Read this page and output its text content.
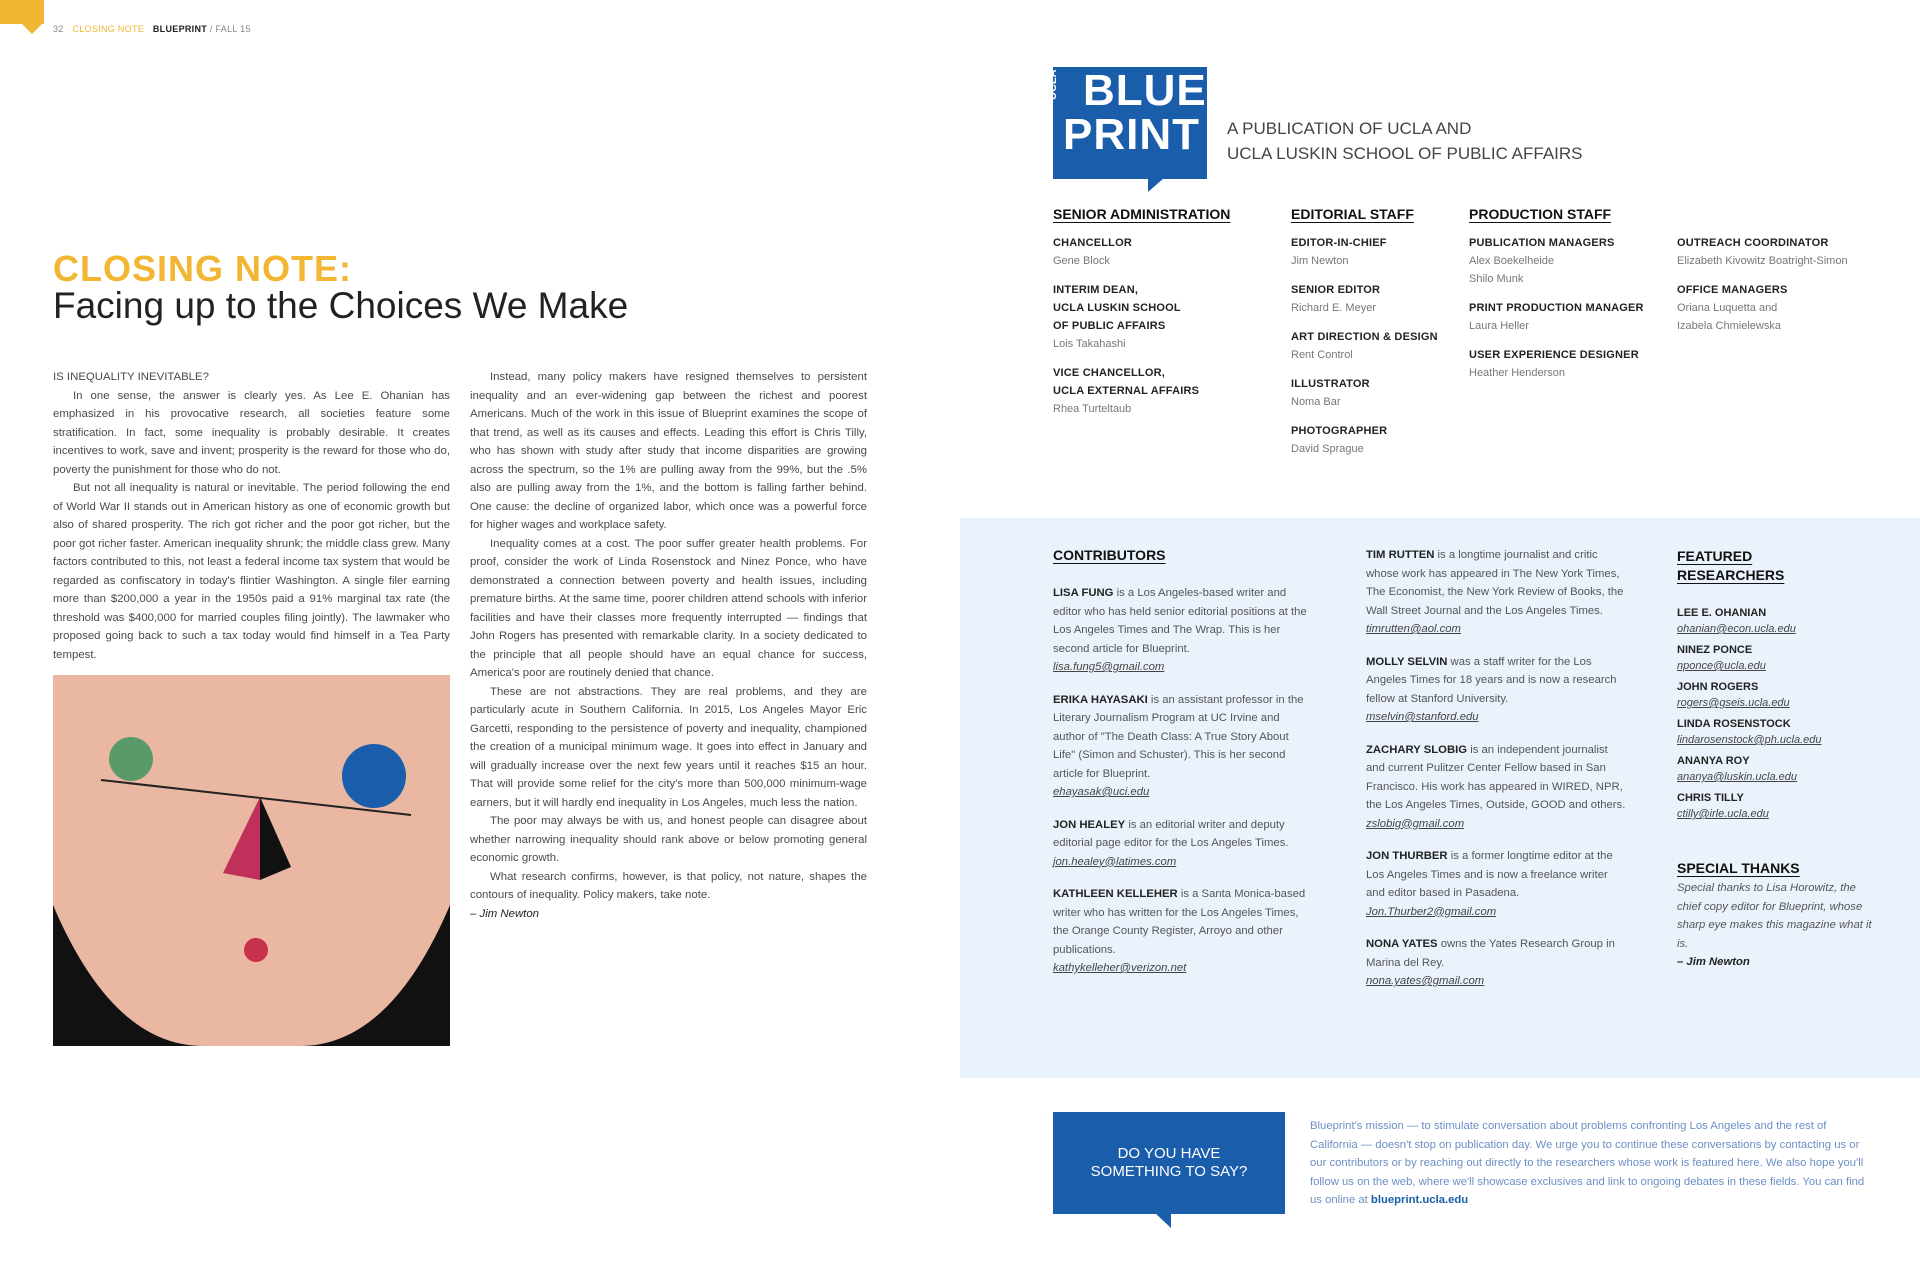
32 CLOSING NOTE BLUEPRINT / FALL 15
CLOSING NOTE:
Facing up to the Choices We Make

IS INEQUALITY INEVITABLE?

In one sense, the answer is clearly yes. As Lee E. Ohanian has emphasized in his provocative research, all societies feature some stratification. In fact, some inequality is probably desirable. It creates incentives to work, save and invent; prosperity is the reward for those who do, poverty the punishment for those who do not.

But not all inequality is natural or inevitable. The period following the end of World War II stands out in American history as one of economic growth but also of shared prosperity. The rich got richer and the poor got richer, but the poor got richer faster. American inequality shrunk; the middle class grew. Many factors contributed to this, not least a federal income tax system that would be regarded as confiscatory in today's flintier Washington. A single filer earning more than $200,000 a year in the 1950s paid a 91% marginal tax rate (the threshold was $400,000 for married couples filing jointly). The lawmaker who proposed going back to such a tax today would find himself in a Tea Party tempest.

Instead, many policy makers have resigned themselves to persistent inequality and an ever-widening gap between the richest and poorest Americans. Much of the work in this issue of Blueprint examines the scope of that trend, as well as its causes and effects. Leading this effort is Chris Tilly, who has shown with study after study that income disparities are growing across the spectrum, so the 1% are pulling away from the 99%, but the .5% also are pulling away from the 1%, and the bottom is falling farther behind. One cause: the decline of organized labor, which once was a powerful force for higher wages and workplace safety.

Inequality comes at a cost. The poor suffer greater health problems. For proof, consider the work of Linda Rosenstock and Ninez Ponce, who have demonstrated a connection between poverty and health issues, including premature births. At the same time, poorer children attend schools with inferior facilities and have their classes more frequently interrupted — findings that John Rogers has presented with remarkable clarity. In a society dedicated to the principle that all people should have an equal chance for success, America's poor are routinely denied that chance.

These are not abstractions. They are real problems, and they are particularly acute in Southern California. In 2015, Los Angeles Mayor Eric Garcetti, responding to the persistence of poverty and inequality, championed the creation of a municipal minimum wage. It goes into effect in January and will gradually increase over the next few years until it reaches $15 an hour. That will provide some relief for the city's more than 500,000 minimum-wage earners, but it will hardly end inequality in Los Angeles, much less the nation.

The poor may always be with us, and honest people can disagree about whether narrowing inequality should rank above or below promoting general economic growth.

What research confirms, however, is that policy, not nature, shapes the contours of inequality. Policy makers, take note.

– Jim Newton

UCLA BLUE
PRINT A PUBLICATION OF UCLA AND
UCLA LUSKIN SCHOOL OF PUBLIC AFFAIRS
SENIOR ADMINISTRATION	EDITORIAL STAFF	PRODUCTION STAFF
CHANCELLOR
Gene Block
INTERIM DEAN,
UCLA LUSKIN SCHOOL
OF PUBLIC AFFAIRS
Lois Takahashi
VICE CHANCELLOR,
UCLA EXTERNAL AFFAIRS
Rhea Turteltaub
EDITOR-IN-CHIEF
Jim Newton
SENIOR EDITOR
Richard E. Meyer
ART DIRECTION & DESIGN
Rent Control
ILLUSTRATOR
Noma Bar
PHOTOGRAPHER
David Sprague
PUBLICATION MANAGERS
Alex Boekelheide
Shilo Munk
PRINT PRODUCTION MANAGER
Laura Heller
USER EXPERIENCE DESIGNER
Heather Henderson
OUTREACH COORDINATOR
Elizabeth Kivowitz Boatright-Simon
OFFICE MANAGERS
Oriana Luquetta and
Izabela Chmielewska
CONTRIBUTORS
LISA FUNG is a Los Angeles-based writer and editor who has held senior editorial positions at the Los Angeles Times and The Wrap. This is her second article for Blueprint.
lisa.fung5@gmail.com
ERIKA HAYASAKI is an assistant professor in the Literary Journalism Program at UC Irvine and author of "The Death Class: A True Story About Life" (Simon and Schuster). This is her second article for Blueprint.
ehayasak@uci.edu
JON HEALEY is an editorial writer and deputy editorial page editor for the Los Angeles Times.
jon.healey@latimes.com
KATHLEEN KELLEHER is a Santa Monica-based writer who has written for the Los Angeles Times, the Orange County Register, Arroyo and other publications.
kathykelleher@verizon.net
TIM RUTTEN is a longtime journalist and critic whose work has appeared in The New York Times, The Economist, the New York Review of Books, the Wall Street Journal and the Los Angeles Times.
timrutten@aol.com
MOLLY SELVIN was a staff writer for the Los Angeles Times for 18 years and is now a research fellow at Stanford University.
mselvin@stanford.edu
ZACHARY SLOBIG is an independent journalist and current Pulitzer Center Fellow based in San Francisco. His work has appeared in WIRED, NPR, the Los Angeles Times, Outside, GOOD and others.
zslobig@gmail.com
JON THURBER is a former longtime editor at the Los Angeles Times and is now a freelance writer and editor based in Pasadena.
Jon.Thurber2@gmail.com
NONA YATES owns the Yates Research Group in Marina del Rey.
nona.yates@gmail.com
FEATURED
RESEARCHERS
LEE E. OHANIAN
ohanian@econ.ucla.edu
NINEZ PONCE
nponce@ucla.edu
JOHN ROGERS
rogers@gseis.ucla.edu
LINDA ROSENSTOCK
lindarosenstock@ph.ucla.edu
ANANYA ROY
ananya@luskin.ucla.edu
CHRIS TILLY
ctilly@irle.ucla.edu
SPECIAL THANKS
Special thanks to Lisa Horowitz, the chief copy editor for Blueprint, whose sharp eye makes this magazine what it is.
– Jim Newton
DO YOU HAVE
SOMETHING TO SAY?
Blueprint's mission — to stimulate conversation about problems confronting Los Angeles and the rest of California — doesn't stop on publication day. We urge you to continue these conversations by contacting us or our contributors or by reaching out directly to the researchers whose work is featured here. We also hope you'll follow us on the web, where we'll showcase exclusives and link to ongoing debates in these fields. You can find us online at blueprint.ucla.edu
